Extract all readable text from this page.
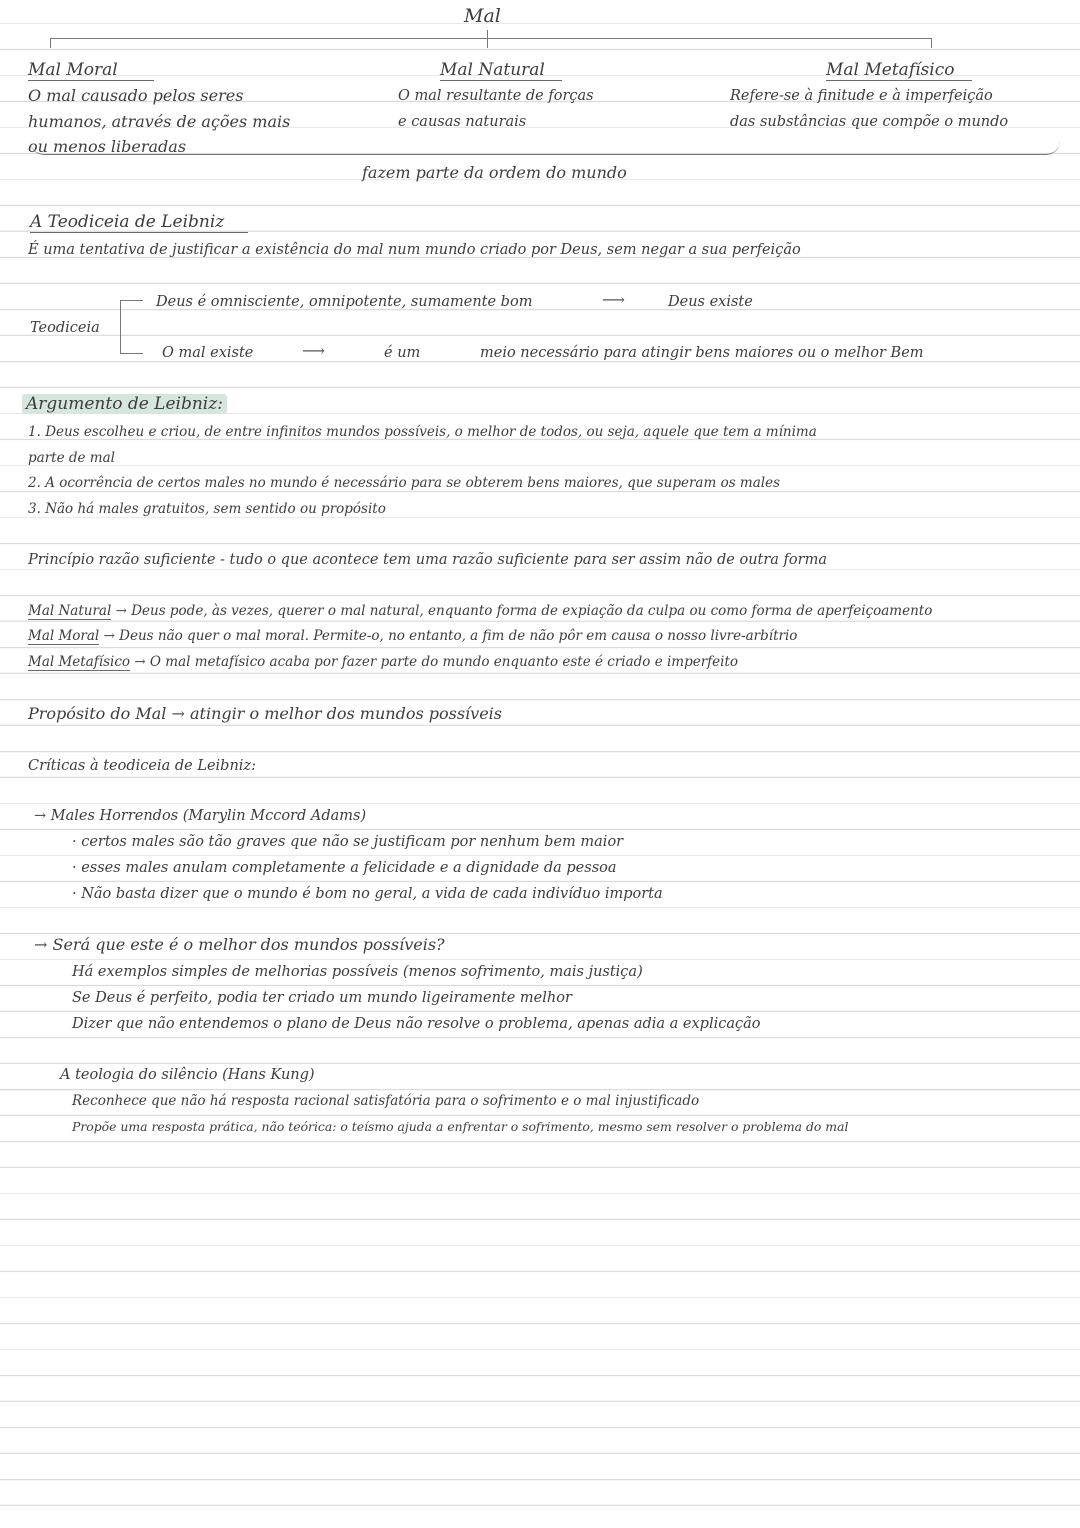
Mal
Mal Moral
O mal causado pelos seres
humanos, através de ações mais
ou menos liberadas
Mal Natural
O mal resultante de forças
e causas naturais
Mal Metafísico
Refere-se à finitude e à imperfeição
das substâncias que compõe o mundo
fazem parte da ordem do mundo
A Teodiceia de Leibniz
É uma tentativa de justificar a existência do mal num mundo criado por Deus, sem negar a sua perfeição
Teodiceia
Deus é omnisciente, omnipotente, sumamente bom	⟶	Deus existe
O mal existe	⟶	é um	meio necessário para atingir bens maiores ou o melhor Bem
Argumento de Leibniz:
1. Deus escolheu e criou, de entre infinitos mundos possíveis, o melhor de todos, ou seja, aquele que tem a mínima
parte de mal
2. A ocorrência de certos males no mundo é necessário para se obterem bens maiores, que superam os males
3. Não há males gratuitos, sem sentido ou propósito
Princípio razão suficiente - tudo o que acontece tem uma razão suficiente para ser assim não de outra forma
Mal Natural → Deus pode, às vezes, querer o mal natural, enquanto forma de expiação da culpa ou como forma de aperfeiçoamento
Mal Moral → Deus não quer o mal moral. Permite-o, no entanto, a fim de não pôr em causa o nosso livre-arbítrio
Mal Metafísico → O mal metafísico acaba por fazer parte do mundo enquanto este é criado e imperfeito
Propósito do Mal → atingir o melhor dos mundos possíveis
Críticas à teodiceia de Leibniz:
→ Males Horrendos (Marylin Mccord Adams)
· certos males são tão graves que não se justificam por nenhum bem maior
· esses males anulam completamente a felicidade e a dignidade da pessoa
· Não basta dizer que o mundo é bom no geral, a vida de cada indivíduo importa
→ Será que este é o melhor dos mundos possíveis?
Há exemplos simples de melhorias possíveis (menos sofrimento, mais justiça)
Se Deus é perfeito, podia ter criado um mundo ligeiramente melhor
Dizer que não entendemos o plano de Deus não resolve o problema, apenas adia a explicação
A teologia do silêncio (Hans Kung)
Reconhece que não há resposta racional satisfatória para o sofrimento e o mal injustificado
Propõe uma resposta prática, não teórica: o teísmo ajuda a enfrentar o sofrimento, mesmo sem resolver o problema do mal
